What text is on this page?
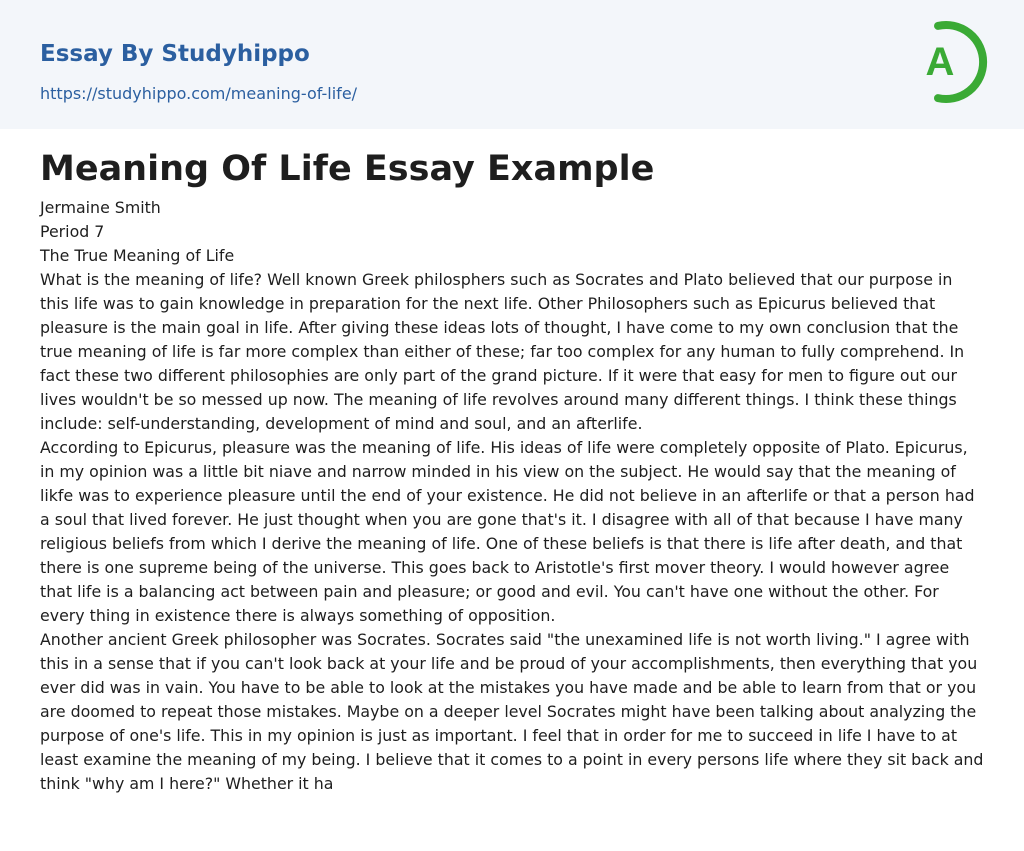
Essay By Studyhippo
https://studyhippo.com/meaning-of-life/
A
Meaning Of Life Essay Example

Jermaine Smith

Period 7

The True Meaning of Life

What is the meaning of life? Well known Greek philosphers such as Socrates and Plato believed that our purpose in this life was to gain knowledge in preparation for the next life. Other Philosophers such as Epicurus believed that pleasure is the main goal in life. After giving these ideas lots of thought, I have come to my own conclusion that the true meaning of life is far more complex than either of these; far too complex for any human to fully comprehend. In fact these two different philosophies are only part of the grand picture. If it were that easy for men to figure out our lives wouldn't be so messed up now. The meaning of life revolves around many different things. I think these things include: self-understanding, development of mind and soul, and an afterlife.

According to Epicurus, pleasure was the meaning of life. His ideas of life were completely opposite of Plato. Epicurus, in my opinion was a little bit niave and narrow minded in his view on the subject. He would say that the meaning of likfe was to experience pleasure until the end of your existence. He did not believe in an afterlife or that a person had a soul that lived forever. He just thought when you are gone that's it. I disagree with all of that because I have many religious beliefs from which I derive the meaning of life. One of these beliefs is that there is life after death, and that there is one supreme being of the universe. This goes back to Aristotle's first mover theory. I would however agree that life is a balancing act between pain and pleasure; or good and evil. You can't have one without the other. For every thing in existence there is always something of opposition.

Another ancient Greek philosopher was Socrates. Socrates said "the unexamined life is not worth living." I agree with this in a sense that if you can't look back at your life and be proud of your accomplishments, then everything that you ever did was in vain. You have to be able to look at the mistakes you have made and be able to learn from that or you are doomed to repeat those mistakes. Maybe on a deeper level Socrates might have been talking about analyzing the purpose of one's life. This in my opinion is just as important. I feel that in order for me to succeed in life I have to at least examine the meaning of my being. I believe that it comes to a point in every persons life where they sit back and think "why am I here?" Whether it ha
